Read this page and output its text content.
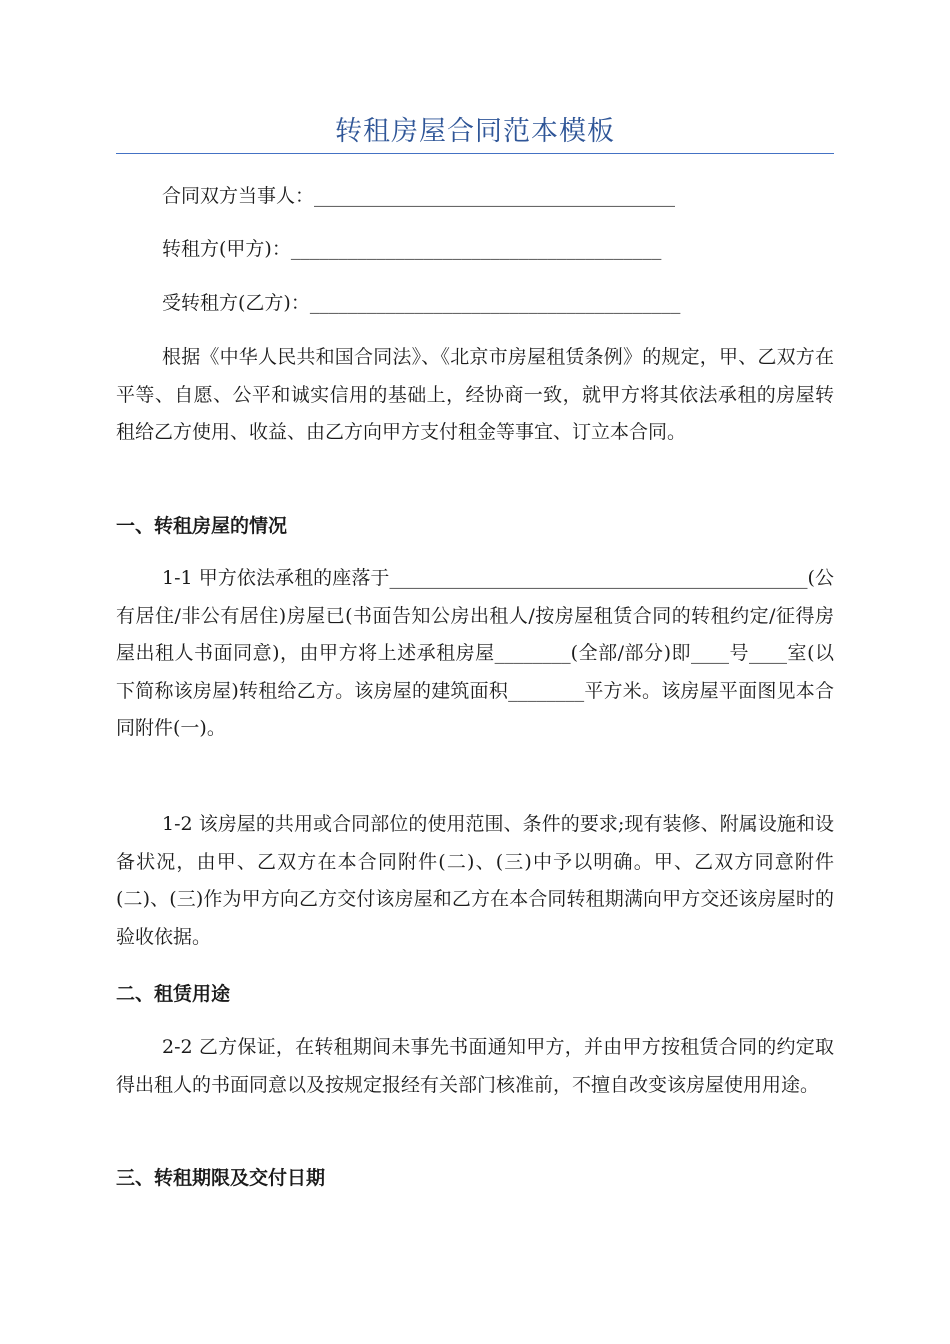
转租房屋合同范本模板
合同双方当事人：______________________________________
转租方(甲方)：_______________________________________
受转租方(乙方)：_______________________________________
根据《中华人民共和国合同法》、《北京市房屋租赁条例》的规定，甲、乙双方在平等、自愿、公平和诚实信用的基础上，经协商一致，就甲方将其依法承租的房屋转租给乙方使用、收益、由乙方向甲方支付租金等事宜、订立本合同。
一、转租房屋的情况
1-1 甲方依法承租的座落于____________________________________________(公有居住/非公有居住)房屋已(书面告知公房出租人/按房屋租赁合同的转租约定/征得房屋出租人书面同意)，由甲方将上述承租房屋________(全部/部分)即____号____室(以下简称该房屋)转租给乙方。该房屋的建筑面积________平方米。该房屋平面图见本合同附件(一)。
1-2 该房屋的共用或合同部位的使用范围、条件的要求;现有装修、附属设施和设备状况，由甲、乙双方在本合同附件(二)、(三)中予以明确。甲、乙双方同意附件(二)、(三)作为甲方向乙方交付该房屋和乙方在本合同转租期满向甲方交还该房屋时的验收依据。
二、租赁用途
2-2 乙方保证，在转租期间未事先书面通知甲方，并由甲方按租赁合同的约定取得出租人的书面同意以及按规定报经有关部门核准前，不擅自改变该房屋使用用途。
三、转租期限及交付日期
